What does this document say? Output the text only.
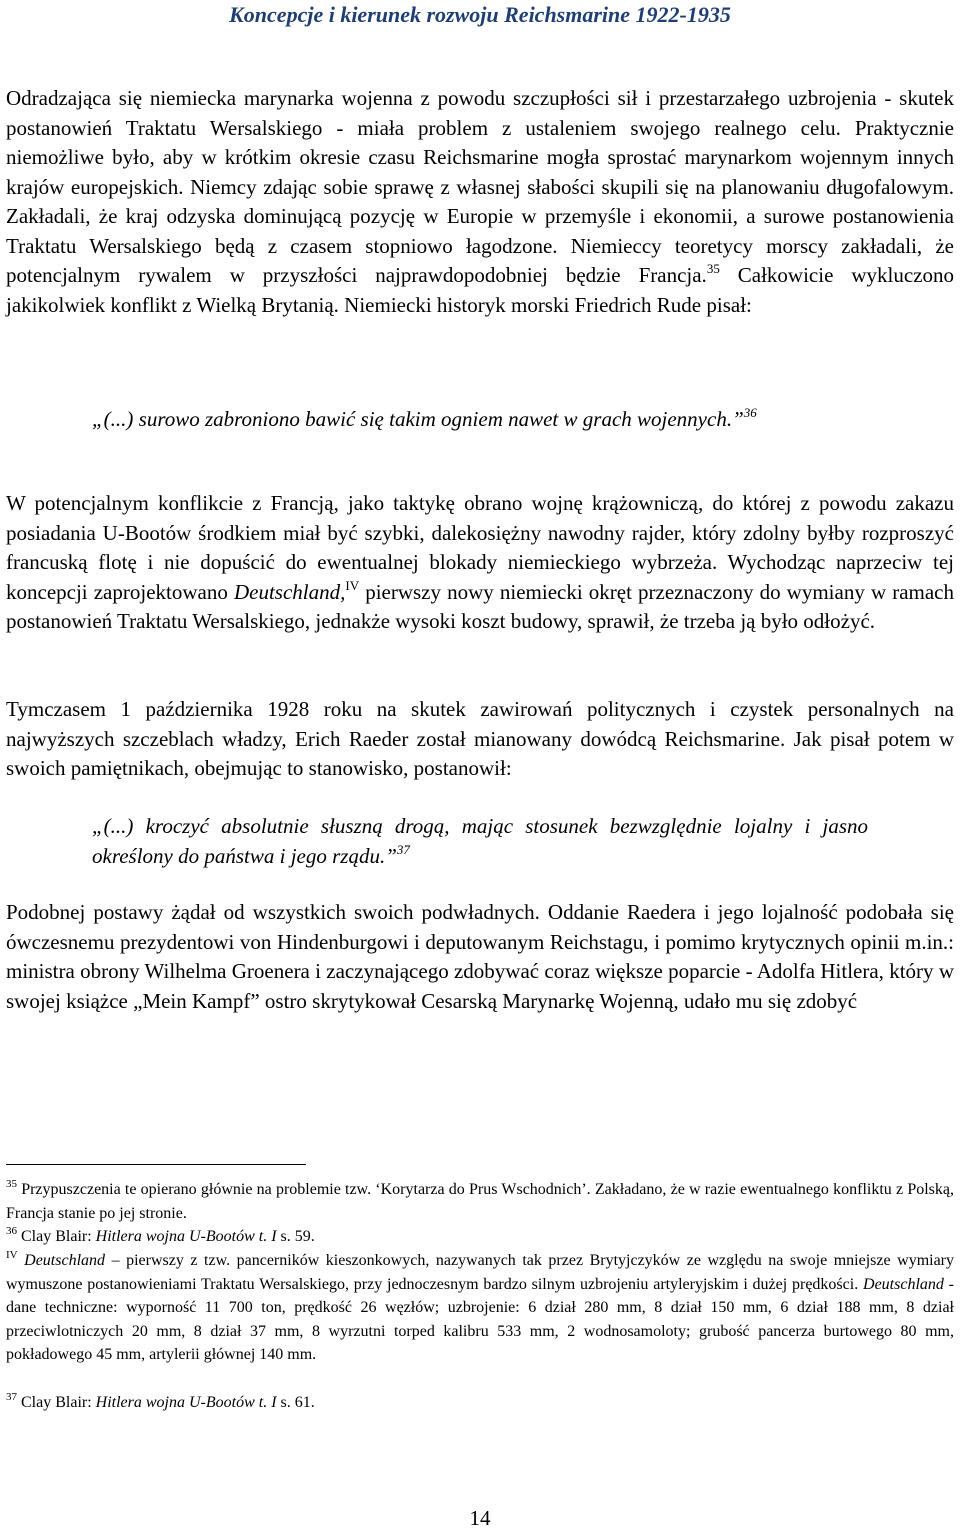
Koncepcje i kierunek rozwoju Reichsmarine 1922-1935

Odradzająca się niemiecka marynarka wojenna z powodu szczupłości sił i przestarzałego uzbrojenia - skutek postanowień Traktatu Wersalskiego - miała problem z ustaleniem swojego realnego celu. Praktycznie niemożliwe było, aby w krótkim okresie czasu Reichsmarine mogła sprostać marynarkom wojennym innych krajów europejskich. Niemcy zdając sobie sprawę z własnej słabości skupili się na planowaniu długofalowym. Zakładali, że kraj odzyska dominującą pozycję w Europie w przemyśle i ekonomii, a surowe postanowienia Traktatu Wersalskiego będą z czasem stopniowo łagodzone. Niemieccy teoretycy morscy zakładali, że potencjalnym rywalem w przyszłości najprawdopodobniej będzie Francja.$^{35}$ Całkowicie wykluczono jakikolwiek konflikt z Wielką Brytanią. Niemiecki historyk morski Friedrich Rude pisał:

„(...) surowo zabroniono bawić się takim ogniem nawet w grach wojennych.”$^{36}$

W potencjalnym konflikcie z Francją, jako taktykę obrano wojnę krążowniczą, do której z powodu zakazu posiadania U-Bootów środkiem miał być szybki, dalekosiężny nawodny rajder, który zdolny byłby rozproszyć francuską flotę i nie dopuścić do ewentualnej blokady niemieckiego wybrzeża. Wychodząc naprzeciw tej koncepcji zaprojektowano Deutschland,$^{IV}$ pierwszy nowy niemiecki okręt przeznaczony do wymiany w ramach postanowień Traktatu Wersalskiego, jednakże wysoki koszt budowy, sprawił, że trzeba ją było odłożyć.

Tymczasem 1 października 1928 roku na skutek zawirowań politycznych i czystek personalnych na najwyższych szczeblach władzy, Erich Raeder został mianowany dowódcą Reichsmarine. Jak pisał potem w swoich pamiętnikach, obejmując to stanowisko, postanowił:

„(...) kroczyć absolutnie słuszną drogą, mając stosunek bezwzględnie lojalny i jasno określony do państwa i jego rządu.”$^{37}$

Podobnej postawy żądał od wszystkich swoich podwładnych. Oddanie Raedera i jego lojalność podobała się ówczesnemu prezydentowi von Hindenburgowi i deputowanym Reichstagu, i pomimo krytycznych opinii m.in.: ministra obrony Wilhelma Groenera i zaczynającego zdobywać coraz większe poparcie - Adolfa Hitlera, który w swojej książce „Mein Kampf” ostro skrytykował Cesarską Marynarkę Wojenną, udało mu się zdobyć

$^{35}$ Przypuszczenia te opierano głównie na problemie tzw. ‘Korytarza do Prus Wschodnich’. Zakładano, że w razie ewentualnego konfliktu z Polską, Francja stanie po jej stronie.

$^{36}$ Clay Blair: Hitlera wojna U-Bootów t. I s. 59.

$^{IV}$ Deutschland – pierwszy z tzw. pancerników kieszonkowych, nazywanych tak przez Brytyjczyków ze względu na swoje mniejsze wymiary wymuszone postanowieniami Traktatu Wersalskiego, przy jednoczesnym bardzo silnym uzbrojeniu artyleryjskim i dużej prędkości. Deutschland - dane techniczne: wyporność 11 700 ton, prędkość 26 węzłów; uzbrojenie: 6 dział 280 mm, 8 dział 150 mm, 6 dział 188 mm, 8 dział przeciwlotniczych 20 mm, 8 dział 37 mm, 8 wyrzutni torped kalibru 533 mm, 2 wodnosamoloty; grubość pancerza burtowego 80 mm, pokładowego 45 mm, artylerii głównej 140 mm.

$^{37}$ Clay Blair: Hitlera wojna U-Bootów t. I s. 61.

14
